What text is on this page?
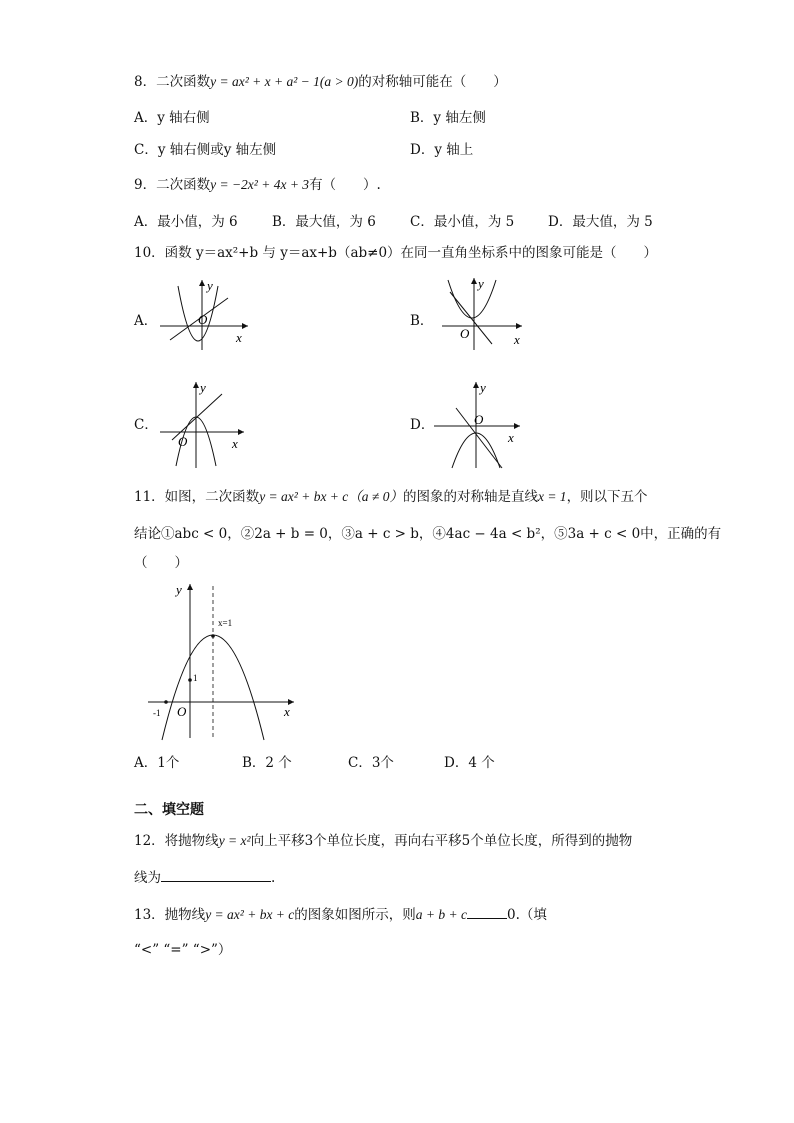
8．二次函数y = ax² + x + a² − 1(a > 0)的对称轴可能在（　　）
A．y 轴右侧	B．y 轴左侧
C．y 轴右侧或y 轴左侧	D．y 轴上
9．二次函数y = −2x² + 4x + 3有（　　）.
A．最小值，为 6	B．最大值，为 6	C．最小值，为 5	D．最大值，为 5
10．函数 y＝ax²+b 与 y＝ax+b（ab≠0）在同一直角坐标系中的图象可能是（　　）
A．
y
O
x
B．
y
O	x
C．
y
O	x
D．
y
O
x
11．如图，二次函数y = ax² + bx + c（a ≠ 0）的图象的对称轴是直线x = 1，则以下五个
结论①abc < 0，②2a + b = 0，③a + c > b，④4ac − 4a < b²，⑤3a + c < 0中，正确的有
（　　）
y
x
O
x=1
1
-1
A．1个	B．2 个	C．3个	D．4 个
二、填空题
12．将抛物线y = x²向上平移3个单位长度，再向右平移5个单位长度，所得到的抛物
线为	.
13．抛物线y = ax² + bx + c的图象如图所示，则a + b + c	0.（填
“<” “=” “>”）
